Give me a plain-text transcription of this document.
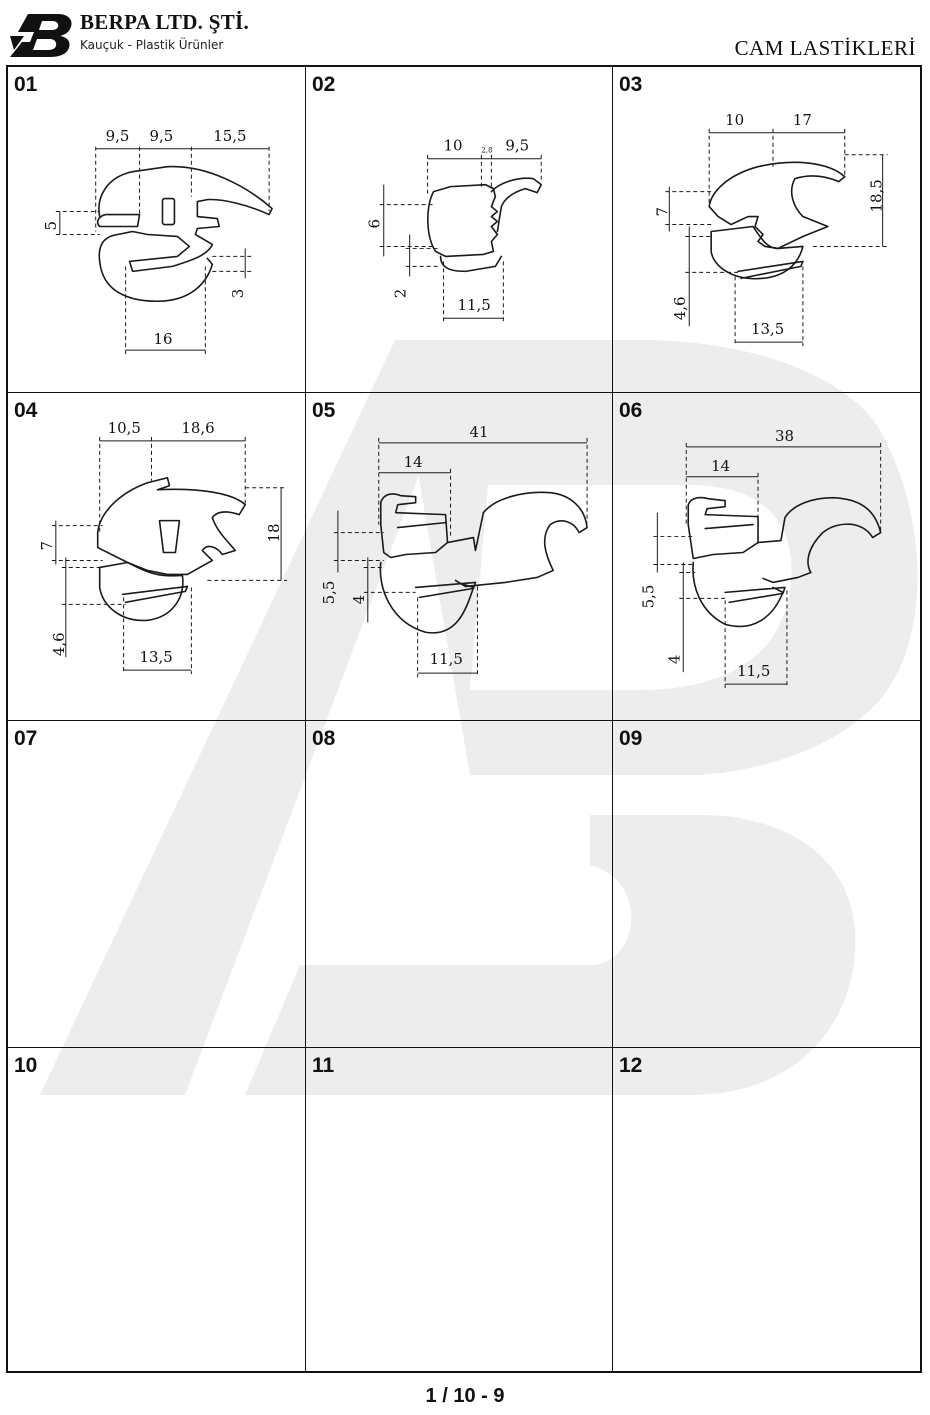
BERPA LTD. ŞTİ.
Kauçuk - Plastik Ürünler	CAM LASTİKLERİ
01
9,5 9,5	15,5
5
3
16
02
10	2,8 9,5
6
2
11,5
03
10	17
7	18,5
4,6
13,5
04
10,5	18,6
7
18
4,6
13,5
05
41
14
5,5 4
11,5
06
38
14
5,5
4
11,5
07	08	09
10	11	12
1 / 10 - 9
